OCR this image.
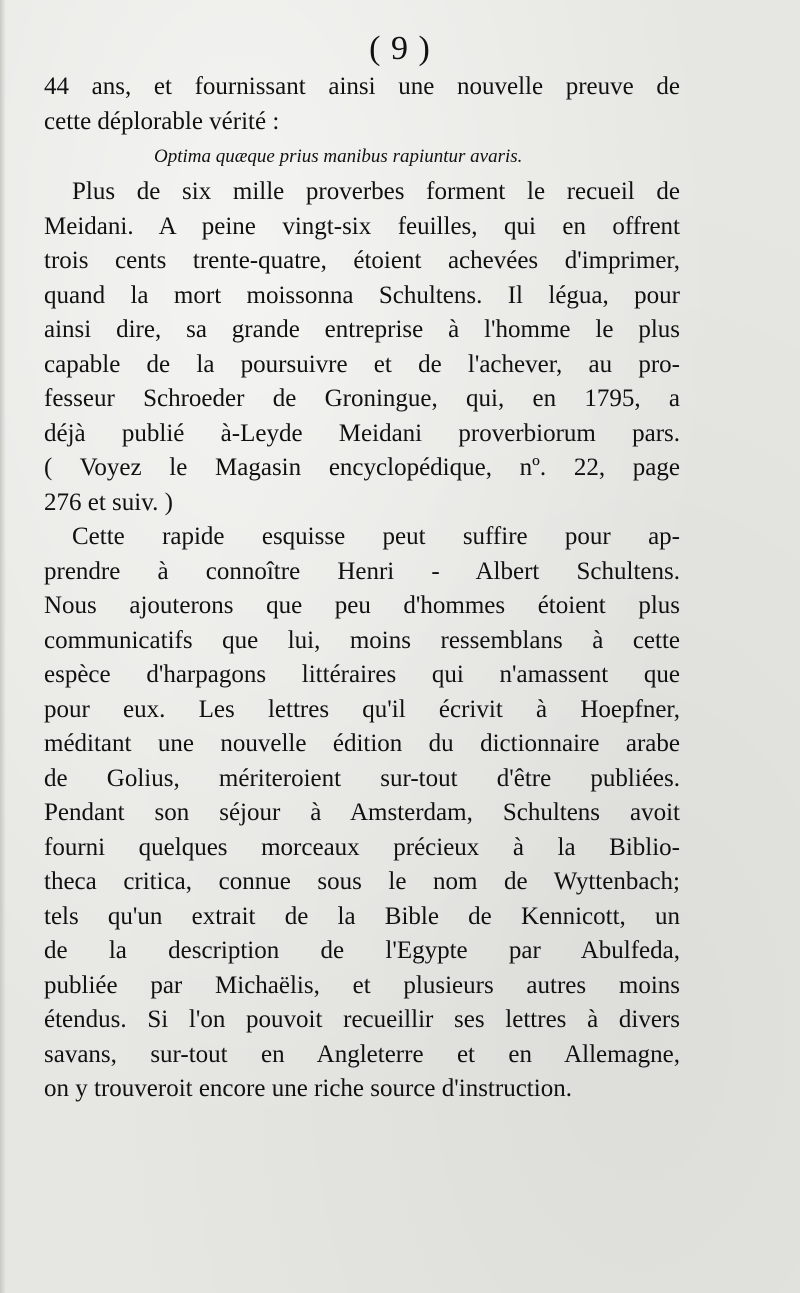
( 9 )
44 ans, et fournissant ainsi une nouvelle preuve de
cette déplorable vérité :
Optima quæque prius manibus rapiuntur avaris.
Plus de six mille proverbes forment le recueil de
Meidani. A peine vingt-six feuilles, qui en offrent
trois cents trente-quatre, étoient achevées d'imprimer,
quand la mort moissonna Schultens. Il légua, pour
ainsi dire, sa grande entreprise à l'homme le plus
capable de la poursuivre et de l'achever, au pro-
fesseur Schroeder de Groningue, qui, en 1795, a
déjà publié à-Leyde Meidani proverbiorum pars.
( Voyez le Magasin encyclopédique, nº. 22, page
276 et suiv. )
Cette rapide esquisse peut suffire pour ap-
prendre à connoître Henri - Albert Schultens.
Nous ajouterons que peu d'hommes étoient plus
communicatifs que lui, moins ressemblans à cette
espèce d'harpagons littéraires qui n'amassent que
pour eux. Les lettres qu'il écrivit à Hoepfner,
méditant une nouvelle édition du dictionnaire arabe
de Golius, mériteroient sur-tout d'être publiées.
Pendant son séjour à Amsterdam, Schultens avoit
fourni quelques morceaux précieux à la Biblio-
theca critica, connue sous le nom de Wyttenbach;
tels qu'un extrait de la Bible de Kennicott, un
de la description de l'Egypte par Abulfeda,
publiée par Michaëlis, et plusieurs autres moins
étendus. Si l'on pouvoit recueillir ses lettres à divers
savans, sur-tout en Angleterre et en Allemagne,
on y trouveroit encore une riche source d'instruction.
